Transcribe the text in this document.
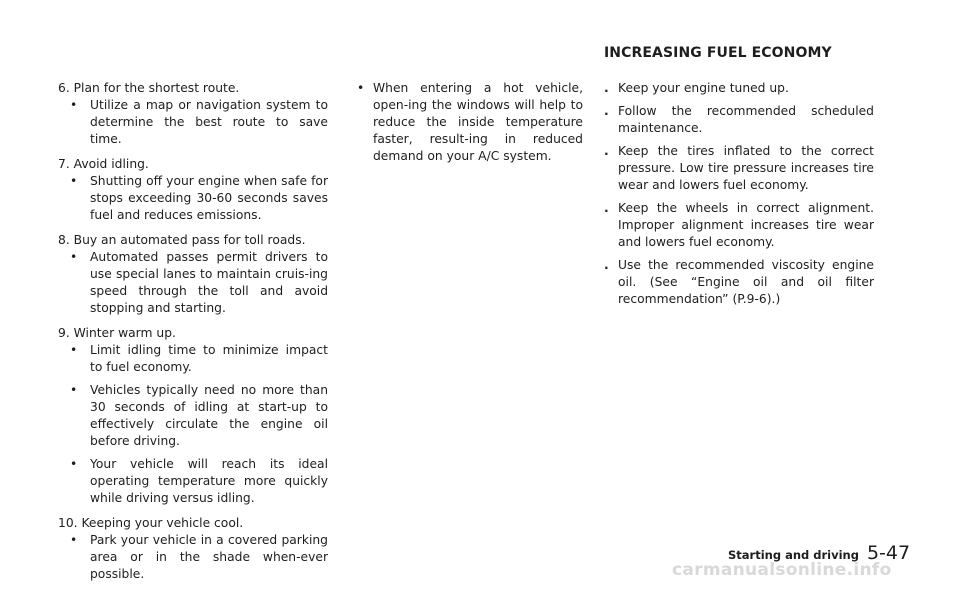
INCREASING FUEL ECONOMY
6. Plan for the shortest route.
•	Utilize a map or navigation system to determine the best route to save time.
7. Avoid idling.
•	Shutting off your engine when safe for stops exceeding 30-60 seconds saves fuel and reduces emissions.
8. Buy an automated pass for toll roads.
•	Automated passes permit drivers to use special lanes to maintain cruis-ing speed through the toll and avoid stopping and starting.
9. Winter warm up.
•	Limit idling time to minimize impact to fuel economy.
•	Vehicles typically need no more than 30 seconds of idling at start-up to effectively circulate the engine oil before driving.
•	Your vehicle will reach its ideal operating temperature more quickly while driving versus idling.
10. Keeping your vehicle cool.
•	Park your vehicle in a covered parking area or in the shade when-ever possible.
• When entering a hot vehicle, open-ing the windows will help to reduce the inside temperature faster, result-ing in reduced demand on your A/C system.
. Keep your engine tuned up.
. Follow the recommended scheduled maintenance.
. Keep the tires inflated to the correct pressure. Low tire pressure increases tire wear and lowers fuel economy.
. Keep the wheels in correct alignment. Improper alignment increases tire wear and lowers fuel economy.
. Use the recommended viscosity engine oil. (See “Engine oil and oil filter recommendation” (P.9-6).)
Starting and driving 5-47
carmanualsonline.info
